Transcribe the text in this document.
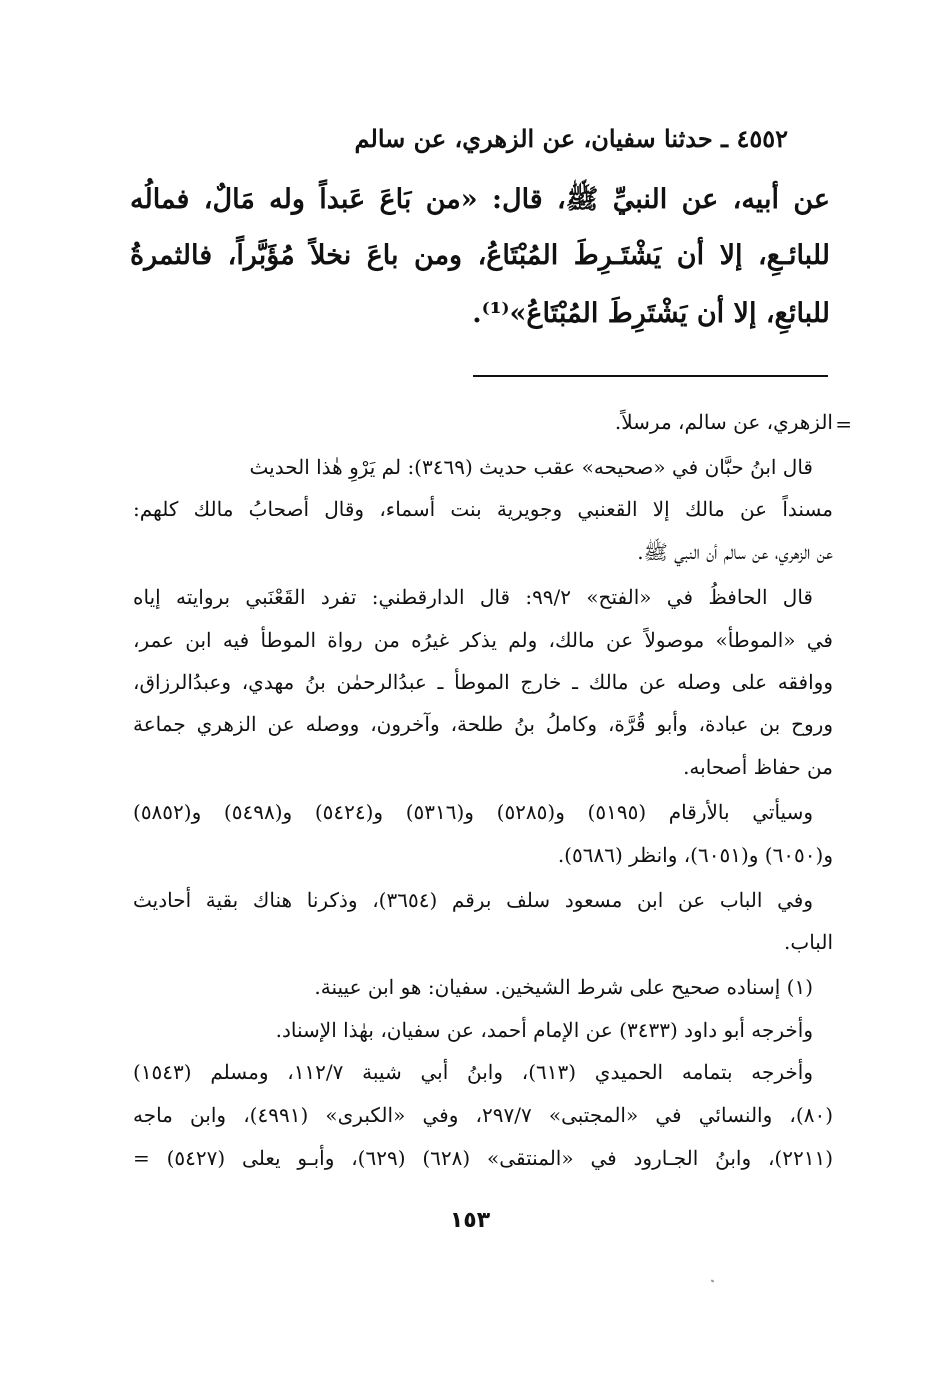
٤٥٥٢ ـ حدثنا سفيان، عن الزهري، عن سالم
عن أبيه، عن النبيِّ ﷺ، قال: «من بَاعَ عَبداً وله مَالٌ، فمالُه
للبائـعِ، إلا أن يَشْتَـرِطَ المُبْتَاعُ، ومن باعَ نخلاً مُؤَبَّراً، فالثمرةُ
للبائعِ، إلا أن يَشْتَرِطَ المُبْتَاعُ»⁽¹⁾.
=
الزهري، عن سالم، مرسلاً.
قال ابنُ حبَّان في «صحيحه» عقب حديث (٣٤٦٩): لم يَرْوِ هٰذا الحديث
مسنداً عن مالك إلا القعنبي وجويرية بنت أسماء، وقال أصحابُ مالك كلهم:
عن الزهري، عن سالم أن النبي ﷺ.
قال الحافظُ في «الفتح» ٩٩/٢: قال الدارقطني: تفرد القَعْنَبي بروايته إياه
في «الموطأ» موصولاً عن مالك، ولم يذكر غيرُه من رواة الموطأ فيه ابن عمر،
ووافقه على وصله عن مالك ـ خارج الموطأ ـ عبدُالرحمٰن بنُ مهدي، وعبدُالرزاق،
وروح بن عبادة، وأبو قُرَّة، وكاملُ بنُ طلحة، وآخرون، ووصله عن الزهري جماعة
من حفاظ أصحابه.
وسيأتي بالأرقام (٥١٩٥) و(٥٢٨٥) و(٥٣١٦) و(٥٤٢٤) و(٥٤٩٨) و(٥٨٥٢)
و(٦٠٥٠) و(٦٠٥١)، وانظر (٥٦٨٦).
وفي الباب عن ابن مسعود سلف برقم (٣٦٥٤)، وذكرنا هناك بقية أحاديث
الباب.
(١) إسناده صحيح على شرط الشيخين. سفيان: هو ابن عيينة.
وأخرجه أبو داود (٣٤٣٣) عن الإمام أحمد، عن سفيان، بهٰذا الإسناد.
وأخرجه بتمامه الحميدي (٦١٣)، وابنُ أبي شيبة ١١٢/٧، ومسلم (١٥٤٣)
(٨٠)، والنسائي في «المجتبى» ٢٩٧/٧، وفي «الكبرى» (٤٩٩١)، وابن ماجه
(٢٢١١)، وابنُ الجـارود في «المنتقى» (٦٢٨) (٦٢٩)، وأبـو يعلى (٥٤٢٧) =
١٥٣
